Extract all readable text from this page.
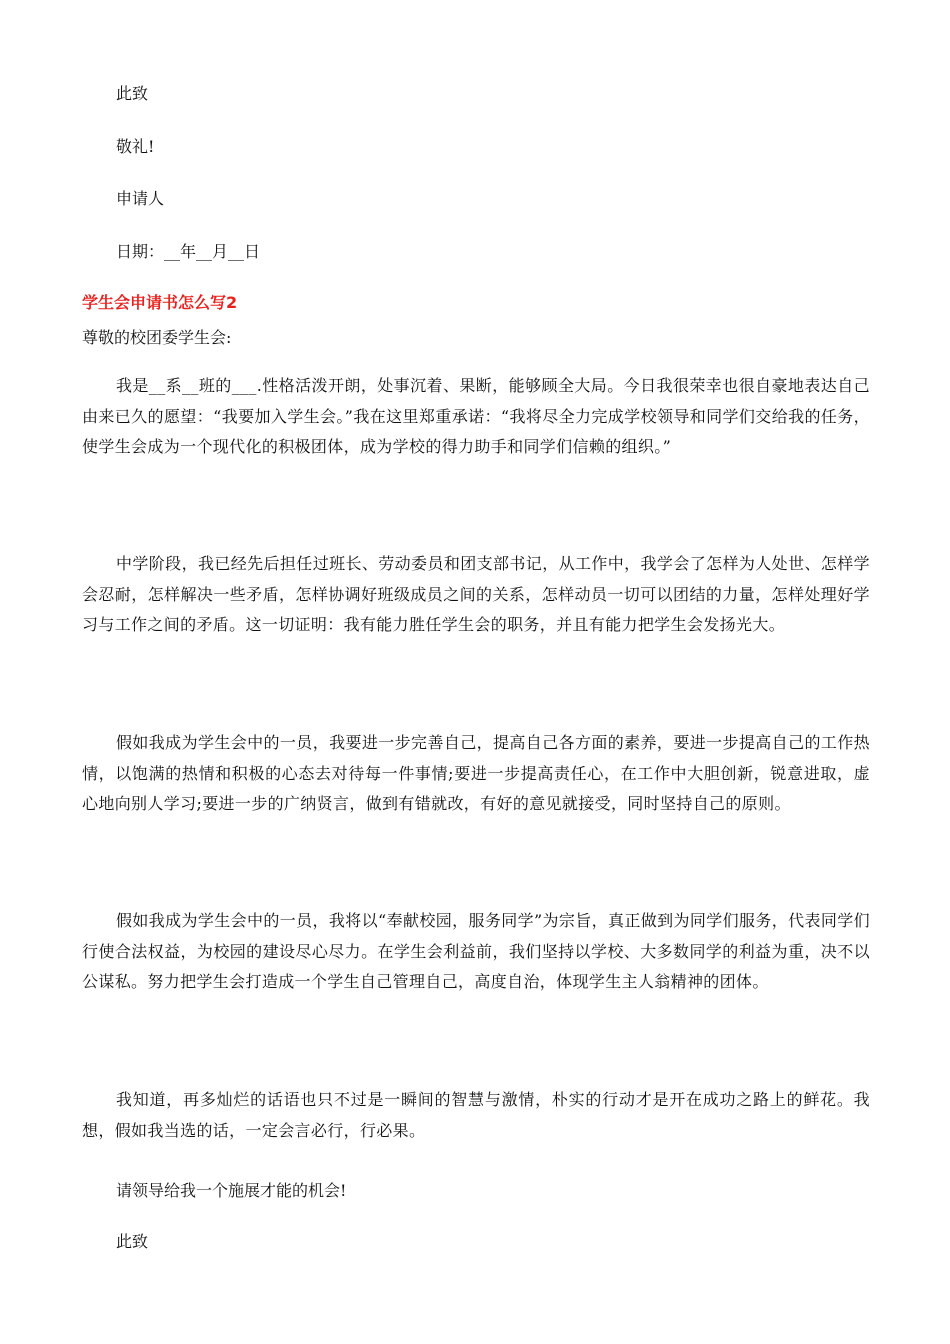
此致

敬礼!

申请人

日期：__年__月__日

学生会申请书怎么写2

尊敬的校团委学生会:

我是__系__班的___.性格活泼开朗，处事沉着、果断，能够顾全大局。今日我很荣幸也很自豪地表达自己由来已久的愿望：“我要加入学生会。”我在这里郑重承诺：“我将尽全力完成学校领导和同学们交给我的任务，使学生会成为一个现代化的积极团体，成为学校的得力助手和同学们信赖的组织。”

中学阶段，我已经先后担任过班长、劳动委员和团支部书记，从工作中，我学会了怎样为人处世、怎样学会忍耐，怎样解决一些矛盾，怎样协调好班级成员之间的关系，怎样动员一切可以团结的力量，怎样处理好学习与工作之间的矛盾。这一切证明：我有能力胜任学生会的职务，并且有能力把学生会发扬光大。

假如我成为学生会中的一员，我要进一步完善自己，提高自己各方面的素养，要进一步提高自己的工作热情，以饱满的热情和积极的心态去对待每一件事情;要进一步提高责任心，在工作中大胆创新，锐意进取，虚心地向别人学习;要进一步的广纳贤言，做到有错就改，有好的意见就接受，同时坚持自己的原则。

假如我成为学生会中的一员，我将以“奉献校园，服务同学”为宗旨，真正做到为同学们服务，代表同学们行使合法权益，为校园的建设尽心尽力。在学生会利益前，我们坚持以学校、大多数同学的利益为重，决不以公谋私。努力把学生会打造成一个学生自己管理自己，高度自治，体现学生主人翁精神的团体。

我知道，再多灿烂的话语也只不过是一瞬间的智慧与激情，朴实的行动才是开在成功之路上的鲜花。我想，假如我当选的话，一定会言必行，行必果。

请领导给我一个施展才能的机会!

此致
